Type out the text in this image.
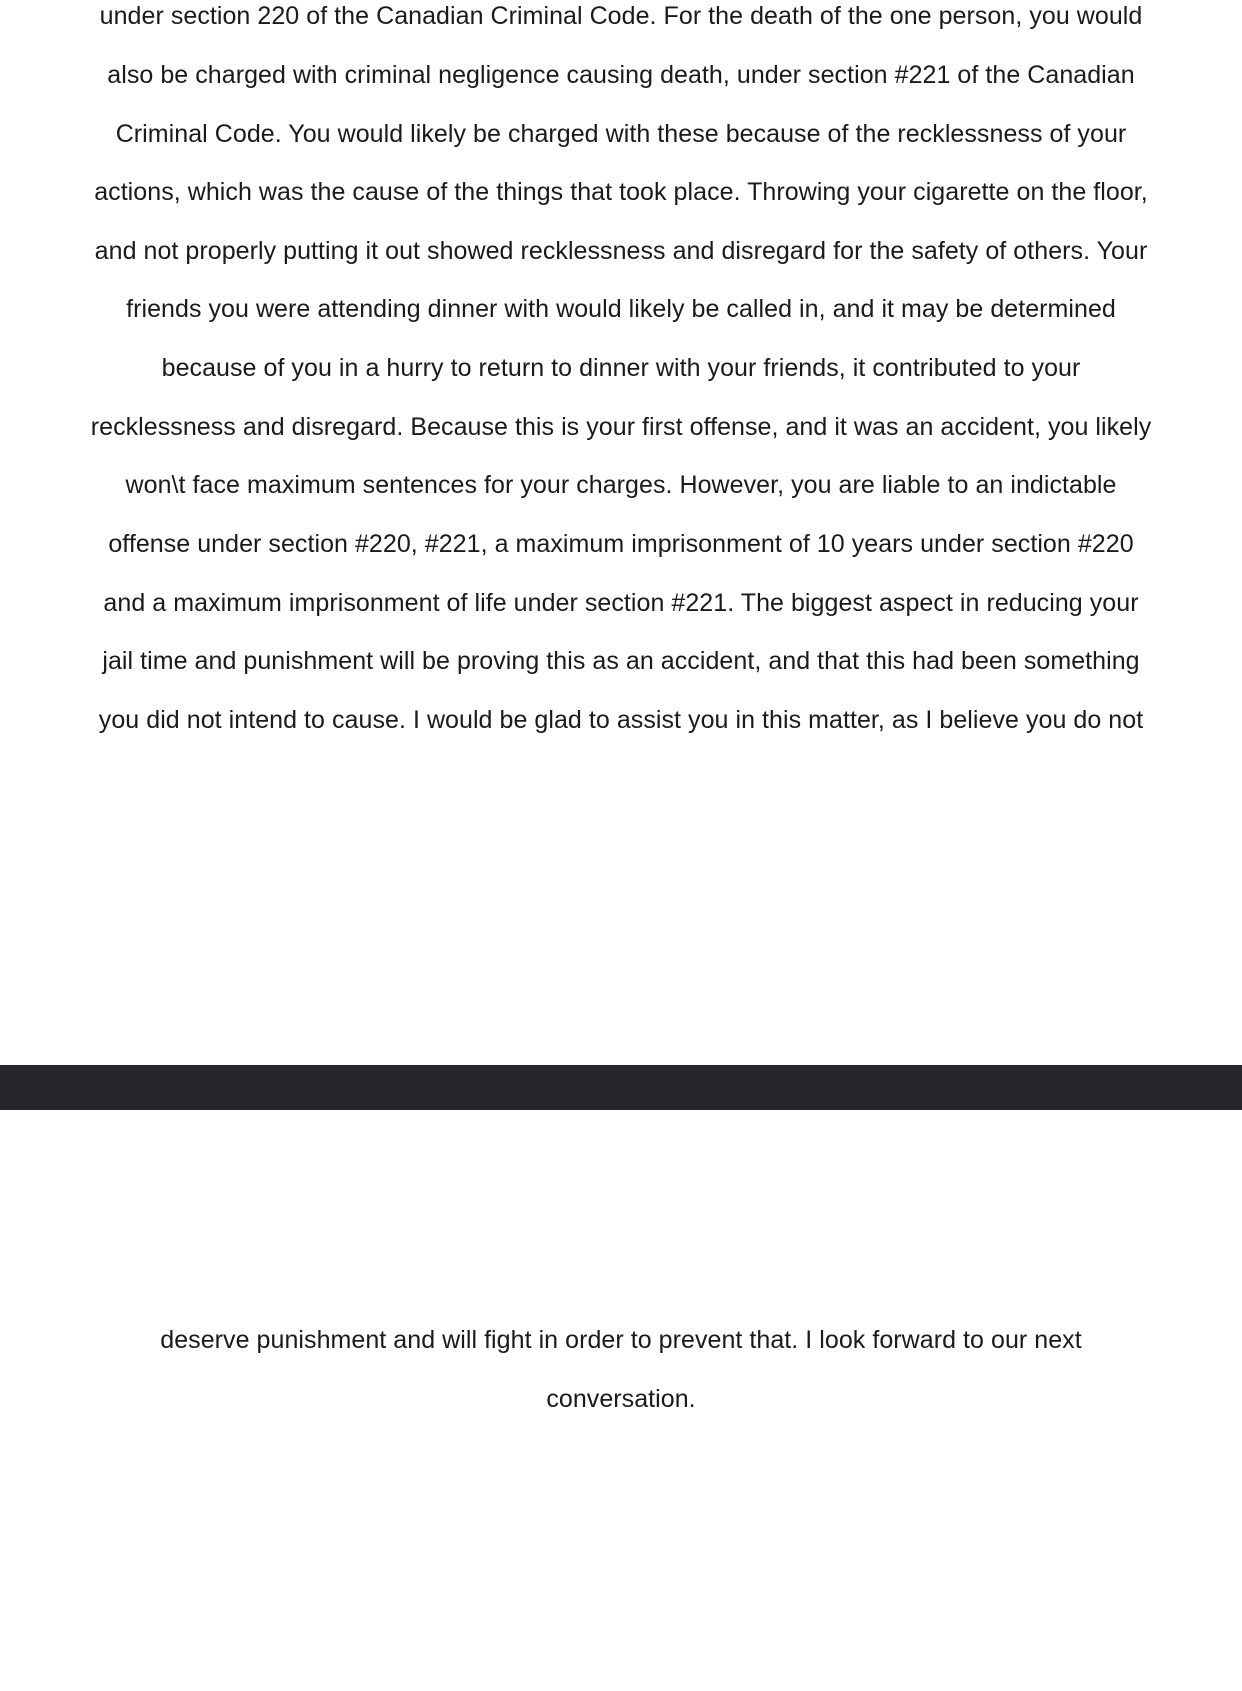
under section 220 of the Canadian Criminal Code. For the death of the one person, you would
also be charged with criminal negligence causing death, under section #221 of the Canadian
Criminal Code. You would likely be charged with these because of the recklessness of your
actions, which was the cause of the things that took place. Throwing your cigarette on the floor,
and not properly putting it out showed recklessness and disregard for the safety of others. Your
friends you were attending dinner with would likely be called in, and it may be determined
because of you in a hurry to return to dinner with your friends, it contributed to your
recklessness and disregard. Because this is your first offense, and it was an accident, you likely
won\t face maximum sentences for your charges. However, you are liable to an indictable
offense under section #220, #221, a maximum imprisonment of 10 years under section #220
and a maximum imprisonment of life under section #221. The biggest aspect in reducing your
jail time and punishment will be proving this as an accident, and that this had been something
you did not intend to cause. I would be glad to assist you in this matter, as I believe you do not
deserve punishment and will fight in order to prevent that. I look forward to our next
conversation.
